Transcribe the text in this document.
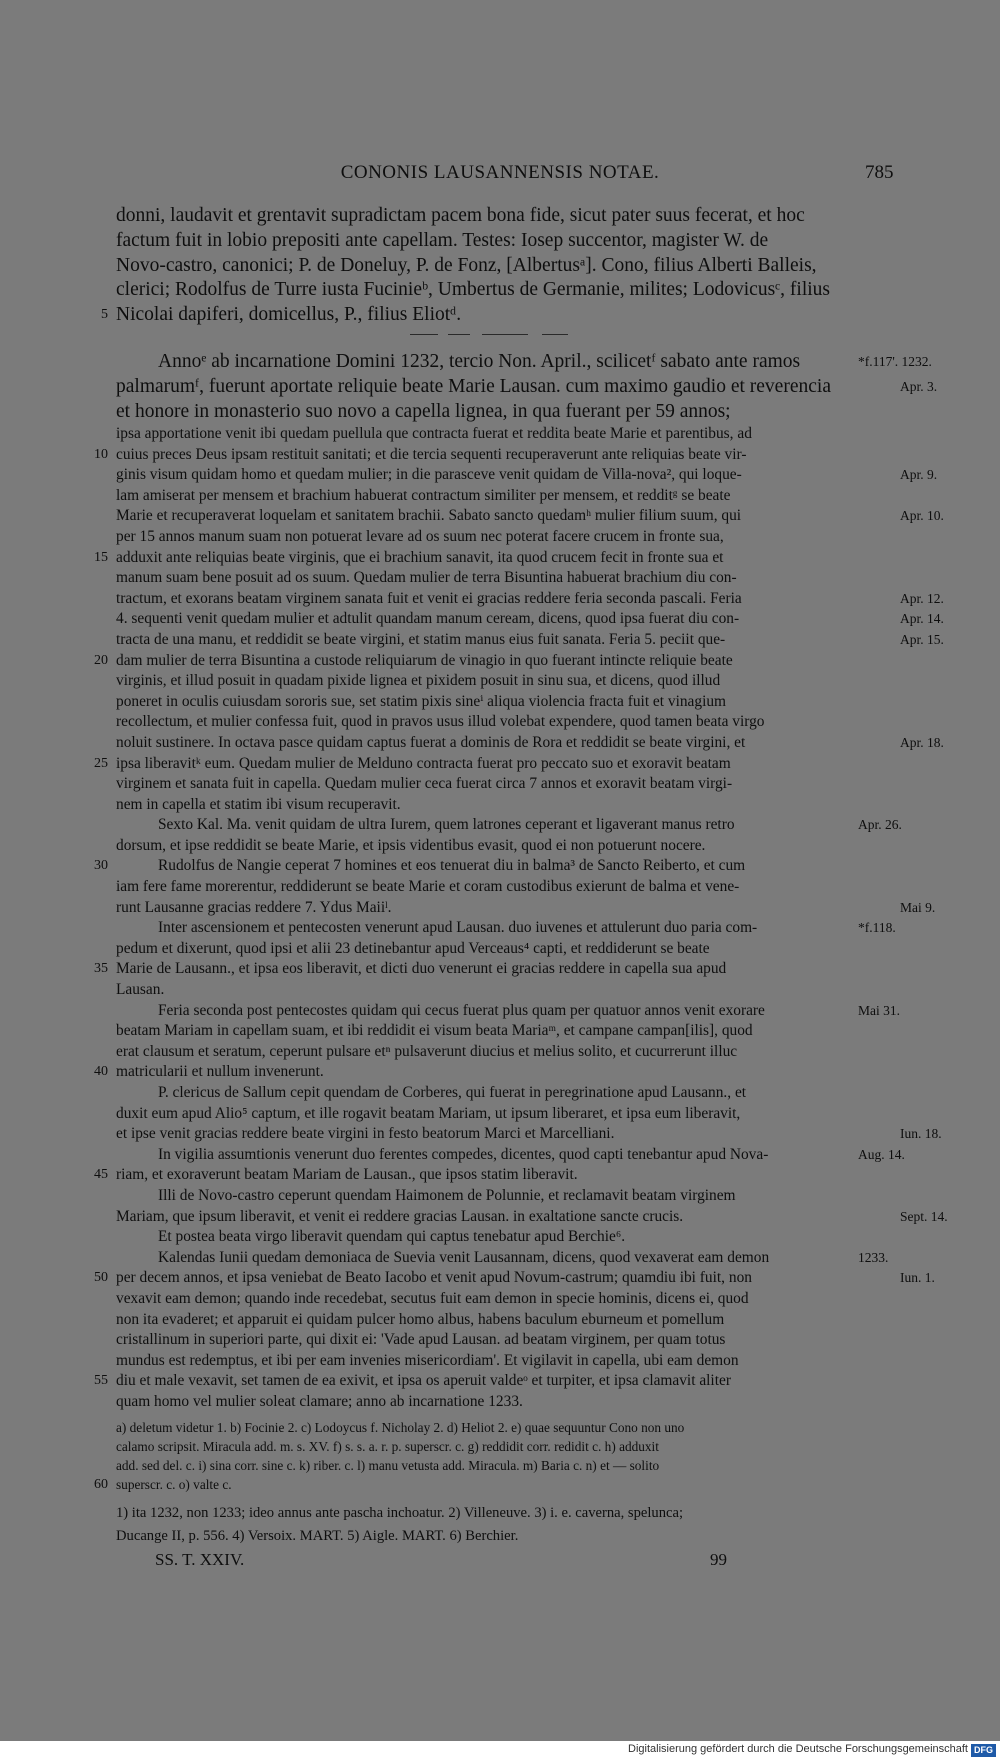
CONONIS LAUSANNENSIS NOTAE.	785
donni, laudavit et grentavit supradictam pacem bona fide, sicut pater suus fecerat, et hoc
factum fuit in lobio prepositi ante capellam. Testes: Iosep succentor, magister W. de
Novo-castro, canonici; P. de Doneluy, P. de Fonz, [Albertusᵃ]. Cono, filius Alberti Balleis,
clerici; Rodolfus de Turre iusta Fucinieᵇ, Umbertus de Germanie, milites; Lodovicusᶜ, filius
Nicolai dapiferi, domicellus, P., filius Eliotᵈ.
5
Annoᵉ ab incarnatione Domini 1232, tercio Non. April., scilicetᶠ sabato ante ramos	*f.117'. 1232.
palmarumᶠ, fuerunt aportate reliquie beate Marie Lausan. cum maximo gaudio et reverencia	Apr. 3.
et honore in monasterio suo novo a capella lignea, in qua fuerant per 59 annos;
ipsa apportatione venit ibi quedam puellula que contracta fuerat et reddita beate Marie et parentibus, ad
cuius preces Deus ipsam restituit sanitati; et die tercia sequenti recuperaverunt ante reliquias beate vir-
10
ginis visum quidam homo et quedam mulier; in die parasceve venit quidam de Villa-nova², qui loque-	Apr. 9.
lam amiserat per mensem et brachium habuerat contractum similiter per mensem, et redditᵍ se beate
Marie et recuperaverat loquelam et sanitatem brachii. Sabato sancto quedamʰ mulier filium suum, qui	Apr. 10.
per 15 annos manum suam non potuerat levare ad os suum nec poterat facere crucem in fronte sua,
adduxit ante reliquias beate virginis, que ei brachium sanavit, ita quod crucem fecit in fronte sua et
15
manum suam bene posuit ad os suum. Quedam mulier de terra Bisuntina habuerat brachium diu con-
tractum, et exorans beatam virginem sanata fuit et venit ei gracias reddere feria seconda pascali. Feria	Apr. 12.
4. sequenti venit quedam mulier et adtulit quandam manum ceream, dicens, quod ipsa fuerat diu con-	Apr. 14.
tracta de una manu, et reddidit se beate virgini, et statim manus eius fuit sanata. Feria 5. peciit que-	Apr. 15.
dam mulier de terra Bisuntina a custode reliquiarum de vinagio in quo fuerant intincte reliquie beate
20
virginis, et illud posuit in quadam pixide lignea et pixidem posuit in sinu sua, et dicens, quod illud
poneret in oculis cuiusdam sororis sue, set statim pixis sineⁱ aliqua violencia fracta fuit et vinagium
recollectum, et mulier confessa fuit, quod in pravos usus illud volebat expendere, quod tamen beata virgo
noluit sustinere. In octava pasce quidam captus fuerat a dominis de Rora et reddidit se beate virgini, et	Apr. 18.
ipsa liberavitᵏ eum. Quedam mulier de Melduno contracta fuerat pro peccato suo et exoravit beatam
25
virginem et sanata fuit in capella. Quedam mulier ceca fuerat circa 7 annos et exoravit beatam virgi-
nem in capella et statim ibi visum recuperavit.
Sexto Kal. Ma. venit quidam de ultra Iurem, quem latrones ceperant et ligaverant manus retro	Apr. 26.
dorsum, et ipse reddidit se beate Marie, et ipsis videntibus evasit, quod ei non potuerunt nocere.
Rudolfus de Nangie ceperat 7 homines et eos tenuerat diu in balma³ de Sancto Reiberto, et cum
30
iam fere fame morerentur, reddiderunt se beate Marie et coram custodibus exierunt de balma et vene-
runt Lausanne gracias reddere 7. Ydus Maiiˡ.	Mai 9.
Inter ascensionem et pentecosten venerunt apud Lausan. duo iuvenes et attulerunt duo paria com-	*f.118.
pedum et dixerunt, quod ipsi et alii 23 detinebantur apud Verceaus⁴ capti, et reddiderunt se beate
Marie de Lausann., et ipsa eos liberavit, et dicti duo venerunt ei gracias reddere in capella sua apud
35
Lausan.
Feria seconda post pentecostes quidam qui cecus fuerat plus quam per quatuor annos venit exorare	Mai 31.
beatam Mariam in capellam suam, et ibi reddidit ei visum beata Mariaᵐ, et campane campan[ilis], quod
erat clausum et seratum, ceperunt pulsare etⁿ pulsaverunt diucius et melius solito, et cucurrerunt illuc
matricularii et nullum invenerunt.
40
P. clericus de Sallum cepit quendam de Corberes, qui fuerat in peregrinatione apud Lausann., et
duxit eum apud Alio⁵ captum, et ille rogavit beatam Mariam, ut ipsum liberaret, et ipsa eum liberavit,
et ipse venit gracias reddere beate virgini in festo beatorum Marci et Marcelliani.	Iun. 18.
In vigilia assumtionis venerunt duo ferentes compedes, dicentes, quod capti tenebantur apud Nova-	Aug. 14.
riam, et exoraverunt beatam Mariam de Lausan., que ipsos statim liberavit.
45
Illi de Novo-castro ceperunt quendam Haimonem de Polunnie, et reclamavit beatam virginem
Mariam, que ipsum liberavit, et venit ei reddere gracias Lausan. in exaltatione sancte crucis.	Sept. 14.
Et postea beata virgo liberavit quendam qui captus tenebatur apud Berchie⁶.
Kalendas Iunii quedam demoniaca de Suevia venit Lausannam, dicens, quod vexaverat eam demon	1233.
per decem annos, et ipsa veniebat de Beato Iacobo et venit apud Novum-castrum; quamdiu ibi fuit, non
50	Iun. 1.
vexavit eam demon; quando inde recedebat, secutus fuit eam demon in specie hominis, dicens ei, quod
non ita evaderet; et apparuit ei quidam pulcer homo albus, habens baculum eburneum et pomellum
cristallinum in superiori parte, qui dixit ei: 'Vade apud Lausan. ad beatam virginem, per quam totus
mundus est redemptus, et ibi per eam invenies misericordiam'. Et vigilavit in capella, ubi eam demon
diu et male vexavit, set tamen de ea exivit, et ipsa os aperuit valdeᵒ et turpiter, et ipsa clamavit aliter
55
quam homo vel mulier soleat clamare; anno ab incarnatione 1233.
a) deletum videtur 1. b) Focinie 2. c) Lodoycus f. Nicholay 2. d) Heliot 2. e) quae sequuntur Cono non uno
calamo scripsit. Miracula add. m. s. XV. f) s. s. a. r. p. superscr. c. g) reddidit corr. redidit c. h) adduxit
add. sed del. c. i) sina corr. sine c. k) riber. c. l) manu vetusta add. Miracula. m) Baria c. n) et — solito
superscr. c. o) valte c.
60
1) ita 1232, non 1233; ideo annus ante pascha inchoatur. 2) Villeneuve. 3) i. e. caverna, spelunca;
Ducange II, p. 556. 4) Versoix. MART. 5) Aigle. MART. 6) Berchier.
SS. T. XXIV.	99
Digitalisierung gefördert durch die Deutsche Forschungsgemeinschaft DFG
